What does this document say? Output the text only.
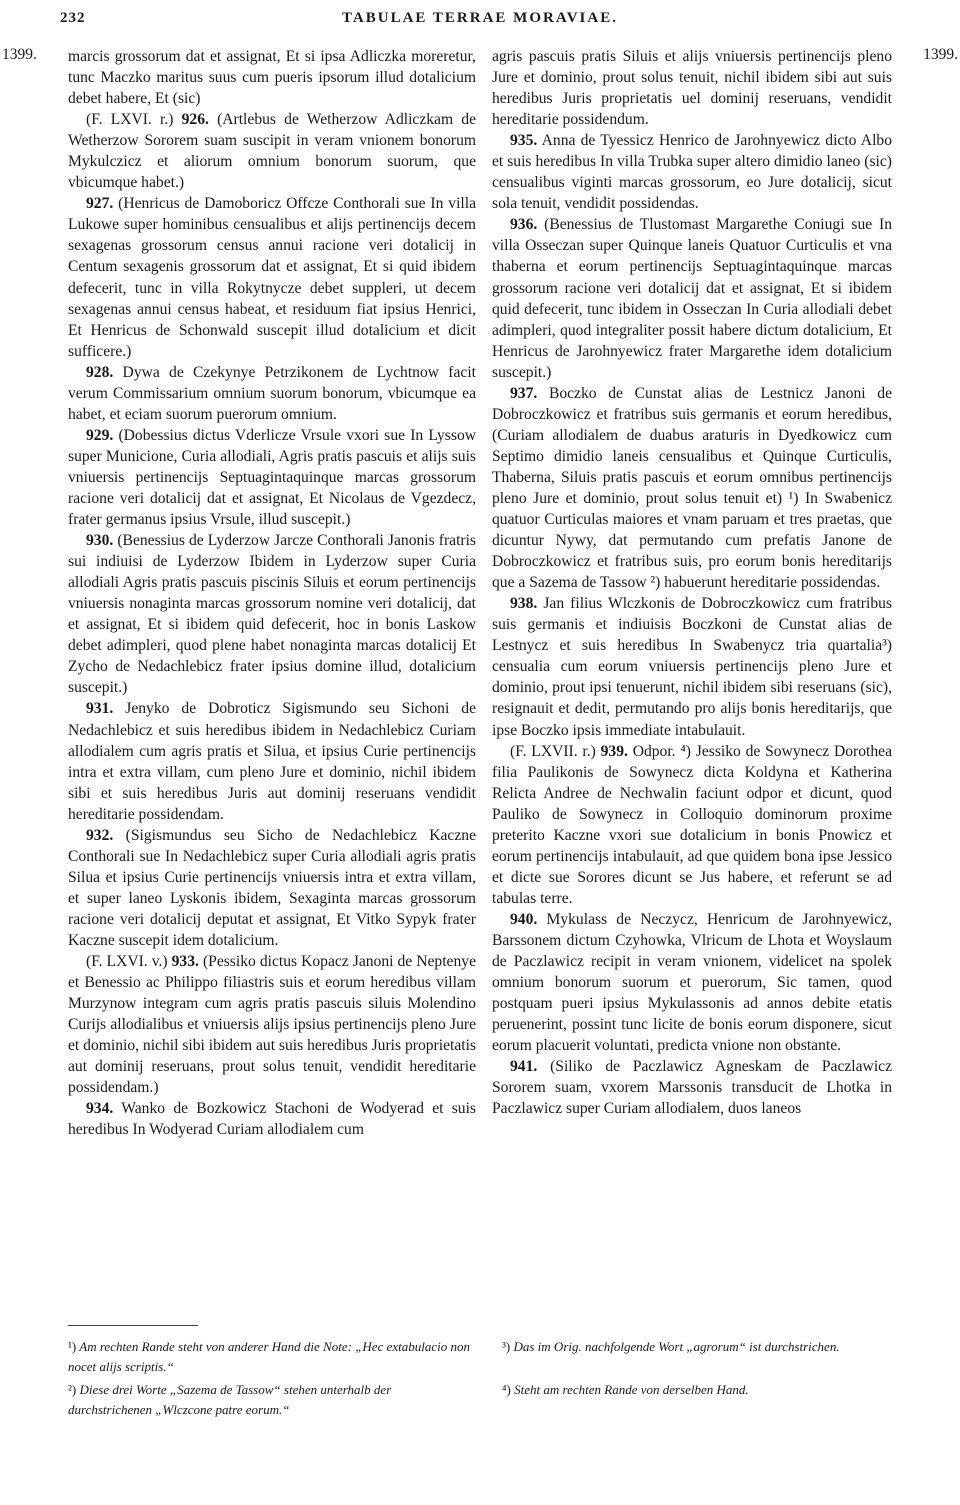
232	TABULAE TERRAE MORAVIAE.
1399.	1399.

marcis grossorum dat et assignat, Et si ipsa Adliczka moreretur, tunc Maczko maritus suus cum pueris ipsorum illud dotalicium debet habere, Et (sic)

(F. LXVI. r.) 926. (Artlebus de Wetherzow Adliczkam de Wetherzow Sororem suam suscipit in veram vnionem bonorum Mykulczicz et aliorum omnium bonorum suorum, que vbicumque habet.)

927. (Henricus de Damoboricz Offcze Conthorali sue In villa Lukowe super hominibus censualibus et alijs pertinencijs decem sexagenas grossorum census annui racione veri dotalicij in Centum sexagenis grossorum dat et assignat, Et si quid ibidem defecerit, tunc in villa Rokytnycze debet suppleri, ut decem sexagenas annui census habeat, et residuum fiat ipsius Henrici, Et Henricus de Schonwald suscepit illud dotalicium et dicit sufficere.)

928. Dywa de Czekynye Petrzikonem de Lychtnow facit verum Commissarium omnium suorum bonorum, vbicumque ea habet, et eciam suorum puerorum omnium.

929. (Dobessius dictus Vderlicze Vrsule vxori sue In Lyssow super Municione, Curia allodiali, Agris pratis pascuis et alijs suis vniuersis pertinencijs Septuagintaquinque marcas grossorum racione veri dotalicij dat et assignat, Et Nicolaus de Vgezdecz, frater germanus ipsius Vrsule, illud suscepit.)

930. (Benessius de Lyderzow Jarcze Conthorali Janonis fratris sui indiuisi de Lyderzow Ibidem in Lyderzow super Curia allodiali Agris pratis pascuis piscinis Siluis et eorum pertinencijs vniuersis nonaginta marcas grossorum nomine veri dotalicij, dat et assignat, Et si ibidem quid defecerit, hoc in bonis Laskow debet adimpleri, quod plene habet nonaginta marcas dotalicij Et Zycho de Nedachlebicz frater ipsius domine illud, dotalicium suscepit.)

931. Jenyko de Dobroticz Sigismundo seu Sichoni de Nedachlebicz et suis heredibus ibidem in Nedachlebicz Curiam allodialem cum agris pratis et Silua, et ipsius Curie pertinencijs intra et extra villam, cum pleno Jure et dominio, nichil ibidem sibi et suis heredibus Juris aut dominij reseruans vendidit hereditarie possidendam.

932. (Sigismundus seu Sicho de Nedachlebicz Kaczne Conthorali sue In Nedachlebicz super Curia allodiali agris pratis Silua et ipsius Curie pertinencijs vniuersis intra et extra villam, et super laneo Lyskonis ibidem, Sexaginta marcas grossorum racione veri dotalicij deputat et assignat, Et Vitko Sypyk frater Kaczne suscepit idem dotalicium.

(F. LXVI. v.) 933. (Pessiko dictus Kopacz Janoni de Neptenye et Benessio ac Philippo filiastris suis et eorum heredibus villam Murzynow integram cum agris pratis pascuis siluis Molendino Curijs allodialibus et vniuersis alijs ipsius pertinencijs pleno Jure et dominio, nichil sibi ibidem aut suis heredibus Juris proprietatis aut dominij reseruans, prout solus tenuit, vendidit hereditarie possidendam.)

934. Wanko de Bozkowicz Stachoni de Wodyerad et suis heredibus In Wodyerad Curiam allodialem cum

agris pascuis pratis Siluis et alijs vniuersis pertinencijs pleno Jure et dominio, prout solus tenuit, nichil ibidem sibi aut suis heredibus Juris proprietatis uel dominij reseruans, vendidit hereditarie possidendum.

935. Anna de Tyessicz Henrico de Jarohnyewicz dicto Albo et suis heredibus In villa Trubka super altero dimidio laneo (sic) censualibus viginti marcas grossorum, eo Jure dotalicij, sicut sola tenuit, vendidit possidendas.

936. (Benessius de Tlustomast Margarethe Coniugi sue In villa Osseczan super Quinque laneis Quatuor Curticulis et vna thaberna et eorum pertinencijs Septuagintaquinque marcas grossorum racione veri dotalicij dat et assignat, Et si ibidem quid defecerit, tunc ibidem in Osseczan In Curia allodiali debet adimpleri, quod integraliter possit habere dictum dotalicium, Et Henricus de Jarohnyewicz frater Margarethe idem dotalicium suscepit.)

937. Boczko de Cunstat alias de Lestnicz Janoni de Dobroczkowicz et fratribus suis germanis et eorum heredibus, (Curiam allodialem de duabus araturis in Dyedkowicz cum Septimo dimidio laneis censualibus et Quinque Curticulis, Thaberna, Siluis pratis pascuis et eorum omnibus pertinencijs pleno Jure et dominio, prout solus tenuit et) ¹) In Swabenicz quatuor Curticulas maiores et vnam paruam et tres praetas, que dicuntur Nywy, dat permutando cum prefatis Janone de Dobroczkowicz et fratribus suis, pro eorum bonis hereditarijs que a Sazema de Tassow ²) habuerunt hereditarie possidendas.

938. Jan filius Wlczkonis de Dobroczkowicz cum fratribus suis germanis et indiuisis Boczkoni de Cunstat alias de Lestnycz et suis heredibus In Swabenycz tria quartalia³) censualia cum eorum vniuersis pertinencijs pleno Jure et dominio, prout ipsi tenuerunt, nichil ibidem sibi reseruans (sic), resignauit et dedit, permutando pro alijs bonis hereditarijs, que ipse Boczko ipsis immediate intabulauit.

(F. LXVII. r.) 939. Odpor. ⁴) Jessiko de Sowynecz Dorothea filia Paulikonis de Sowynecz dicta Koldyna et Katherina Relicta Andree de Nechwalin faciunt odpor et dicunt, quod Pauliko de Sowynecz in Colloquio dominorum proxime preterito Kaczne vxori sue dotalicium in bonis Pnowicz et eorum pertinencijs intabulauit, ad que quidem bona ipse Jessico et dicte sue Sorores dicunt se Jus habere, et referunt se ad tabulas terre.

940. Mykulass de Neczycz, Henricum de Jarohnyewicz, Barssonem dictum Czyhowka, Vlricum de Lhota et Woyslaum de Paczlawicz recipit in veram vnionem, videlicet na spolek omnium bonorum suorum et puerorum, Sic tamen, quod postquam pueri ipsius Mykulassonis ad annos debite etatis peruenerint, possint tunc licite de bonis eorum disponere, sicut eorum placuerit voluntati, predicta vnione non obstante.

941. (Siliko de Paczlawicz Agneskam de Paczlawicz Sororem suam, vxorem Marssonis transducit de Lhotka in Paczlawicz super Curiam allodialem, duos laneos

¹) Am rechten Rande steht von anderer Hand die Note: „Hec extabulacio non nocet alijs scriptis.“
²) Diese drei Worte „Sazema de Tassow“ stehen unterhalb der durchstrichenen „Wlczcone patre eorum.“
³) Das im Orig. nachfolgende Wort „agrorum“ ist durchstrichen.
⁴) Steht am rechten Rande von derselben Hand.
